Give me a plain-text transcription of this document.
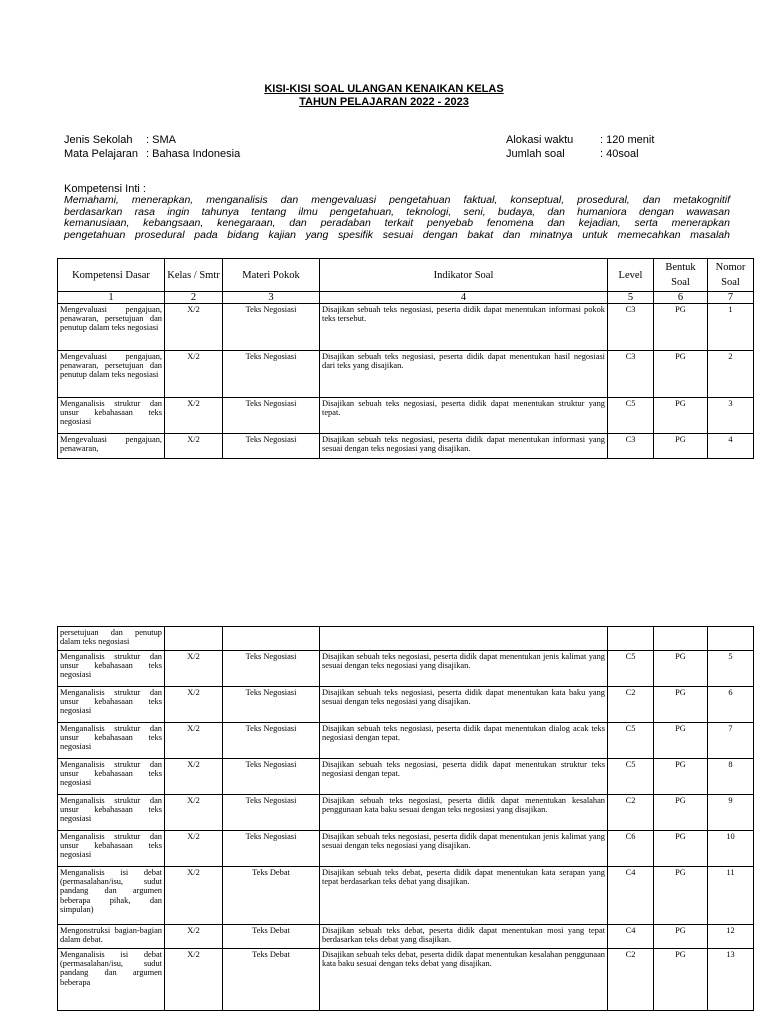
KISI-KISI SOAL ULANGAN KENAIKAN KELAS
TAHUN PELAJARAN 2022 - 2023
Jenis Sekolah : SMA
Mata Pelajaran : Bahasa Indonesia
Alokasi waktu : 120 menit
Jumlah soal	: 40soal
Kompetensi Inti :
Memahami, menerapkan, menganalisis dan mengevaluasi pengetahuan faktual, konseptual, prosedural, dan metakognitif
berdasarkan rasa ingin tahunya tentang ilmu pengetahuan, teknologi, seni, budaya, dan humaniora dengan wawasan
kemanusiaan, kebangsaan, kenegaraan, dan peradaban terkait penyebab fenomena dan kejadian, serta menerapkan
pengetahuan prosedural pada bidang kajian yang spesifik sesuai dengan bakat dan minatnya untuk memecahkan masalah
Kompetensi Dasar	Kelas / Smtr	Materi Pokok	Indikator Soal	Level	Bentuk Soal	Nomor Soal
1	2	3	4	5	6	7
Mengevaluasi pengajuan, penawaran, persetujuan dan penutup dalam teks negosiasi	X/2	Teks Negosiasi	Disajikan sebuah teks negosiasi, peserta didik dapat menentukan informasi pokok teks tersebut.	C3	PG	1
Mengevaluasi pengajuan, penawaran, persetujuan dan penutup dalam teks negosiasi	X/2	Teks Negosiasi	Disajikan sebuah teks negosiasi, peserta didik dapat menentukan hasil negosiasi dari teks yang disajikan.	C3	PG	2
Menganalisis struktur dan unsur kebahasaan teks negosiasi	X/2	Teks Negosiasi	Disajikan sebuah teks negosiasi, peserta didik dapat menentukan struktur yang tepat.	C5	PG	3
Mengevaluasi pengajuan, penawaran,	X/2	Teks Negosiasi	Disajikan sebuah teks negosiasi, peserta didik dapat menentukan informasi yang sesuai dengan teks negosiasi yang disajikan.	C3	PG	4
persetujuan dan penutup dalam teks negosiasi						
Menganalisis struktur dan unsur kebahasaan teks negosiasi	X/2	Teks Negosiasi	Disajikan sebuah teks negosiasi, peserta didik dapat menentukan jenis kalimat yang sesuai dengan teks negosiasi yang disajikan.	C5	PG	5
Menganalisis struktur dan unsur kebahasaan teks negosiasi	X/2	Teks Negosiasi	Disajikan sebuah teks negosiasi, peserta didik dapat menentukan kata baku yang sesuai dengan teks negosiasi yang disajikan.	C2	PG	6
Menganalisis struktur dan unsur kebahasaan teks negosiasi	X/2	Teks Negosiasi	Disajikan sebuah teks negosiasi, peserta didik dapat menentukan dialog acak teks negosiasi dengan tepat.	C5	PG	7
Menganalisis struktur dan unsur kebahasaan teks negosiasi	X/2	Teks Negosiasi	Disajikan sebuah teks negosiasi, peserta didik dapat menentukan struktur teks negosiasi dengan tepat.	C5	PG	8
Menganalisis struktur dan unsur kebahasaan teks negosiasi	X/2	Teks Negosiasi	Disajikan sebuah teks negosiasi, peserta didik dapat menentukan kesalahan penggunaan kata baku sesuai dengan teks negosiasi yang disajikan.	C2	PG	9
Menganalisis struktur dan unsur kebahasaan teks negosiasi	X/2	Teks Negosiasi	Disajikan sebuah teks negosiasi, peserta didik dapat menentukan jenis kalimat yang sesuai dengan teks negosiasi yang disajikan.	C6	PG	10
Menganalisis isi debat (permasalahan/isu, sudut pandang dan argumen beberapa pihak, dan simpulan)	X/2	Teks Debat	Disajikan sebuah teks debat, peserta didik dapat menentukan kata serapan yang tepat berdasarkan teks debat yang disajikan.	C4	PG	11
Mengonstruksi bagian-bagian dalam debat.	X/2	Teks Debat	Disajikan sebuah teks debat, peserta didik dapat menentukan mosi yang tepat berdasarkan teks debat yang disajikan.	C4	PG	12
Menganalisis isi debat (permasalahan/isu, sudut pandang dan argumen beberapa	X/2	Teks Debat	Disajikan sebuah teks debat, peserta didik dapat menentukan kesalahan penggunaan kata baku sesuai dengan teks debat yang disajikan.	C2	PG	13
